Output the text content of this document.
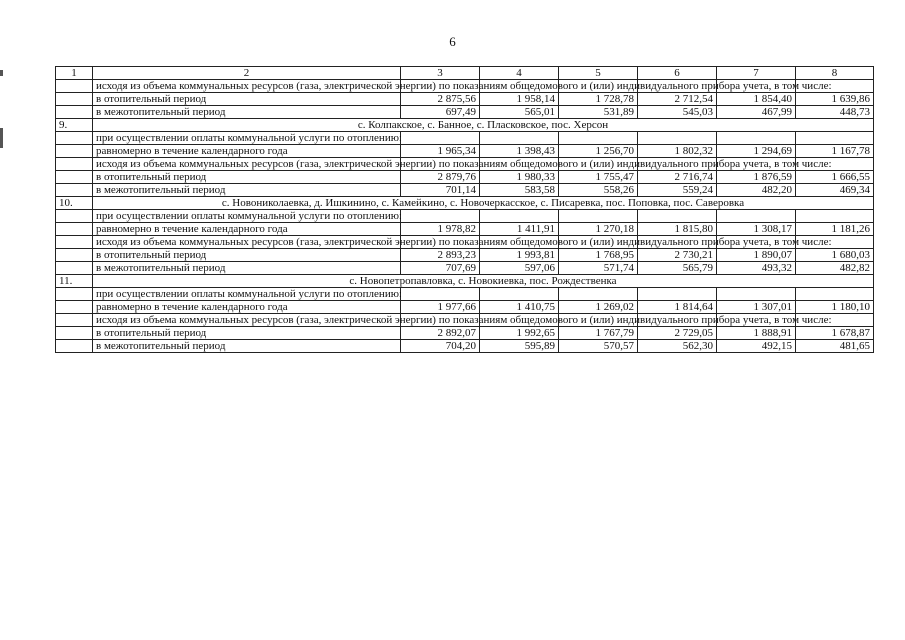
6
1	2	3	4	5	6	7	8
	исходя из объема коммунальных ресурсов (газа, электрической энергии) по показаниям общедомового и (или) индивидуального прибора учета, в том числе:						
	в отопительный период	2 875,56	1 958,14	1 728,78	2 712,54	1 854,40	1 639,86
	в межотопительный период	697,49	565,01	531,89	545,03	467,99	448,73
9.	с. Колпакское, с. Банное, с. Пласковское, пос. Херсон						
	при осуществлении оплаты коммунальной услуги по отоплению:						
	равномерно в течение календарного года	1 965,34	1 398,43	1 256,70	1 802,32	1 294,69	1 167,78
	исходя из объема коммунальных ресурсов (газа, электрической энергии) по показаниям общедомового и (или) индивидуального прибора учета, в том числе:						
	в отопительный период	2 879,76	1 980,33	1 755,47	2 716,74	1 876,59	1 666,55
	в межотопительный период	701,14	583,58	558,26	559,24	482,20	469,34
10.	с. Новониколаевка, д. Ишкинино, с. Камейкино, с. Новочеркасское, с. Писаревка, пос. Поповка, пос. Саверовка						
	при осуществлении оплаты коммунальной услуги по отоплению:						
	равномерно в течение календарного года	1 978,82	1 411,91	1 270,18	1 815,80	1 308,17	1 181,26
	исходя из объема коммунальных ресурсов (газа, электрической энергии) по показаниям общедомового и (или) индивидуального прибора учета, в том числе:						
	в отопительный период	2 893,23	1 993,81	1 768,95	2 730,21	1 890,07	1 680,03
	в межотопительный период	707,69	597,06	571,74	565,79	493,32	482,82
11.	с. Новопетропавловка, с. Новокиевка, пос. Рождественка						
	при осуществлении оплаты коммунальной услуги по отоплению:						
	равномерно в течение календарного года	1 977,66	1 410,75	1 269,02	1 814,64	1 307,01	1 180,10
	исходя из объема коммунальных ресурсов (газа, электрической энергии) по показаниям общедомового и (или) индивидуального прибора учета, в том числе:						
	в отопительный период	2 892,07	1 992,65	1 767,79	2 729,05	1 888,91	1 678,87
	в межотопительный период	704,20	595,89	570,57	562,30	492,15	481,65
